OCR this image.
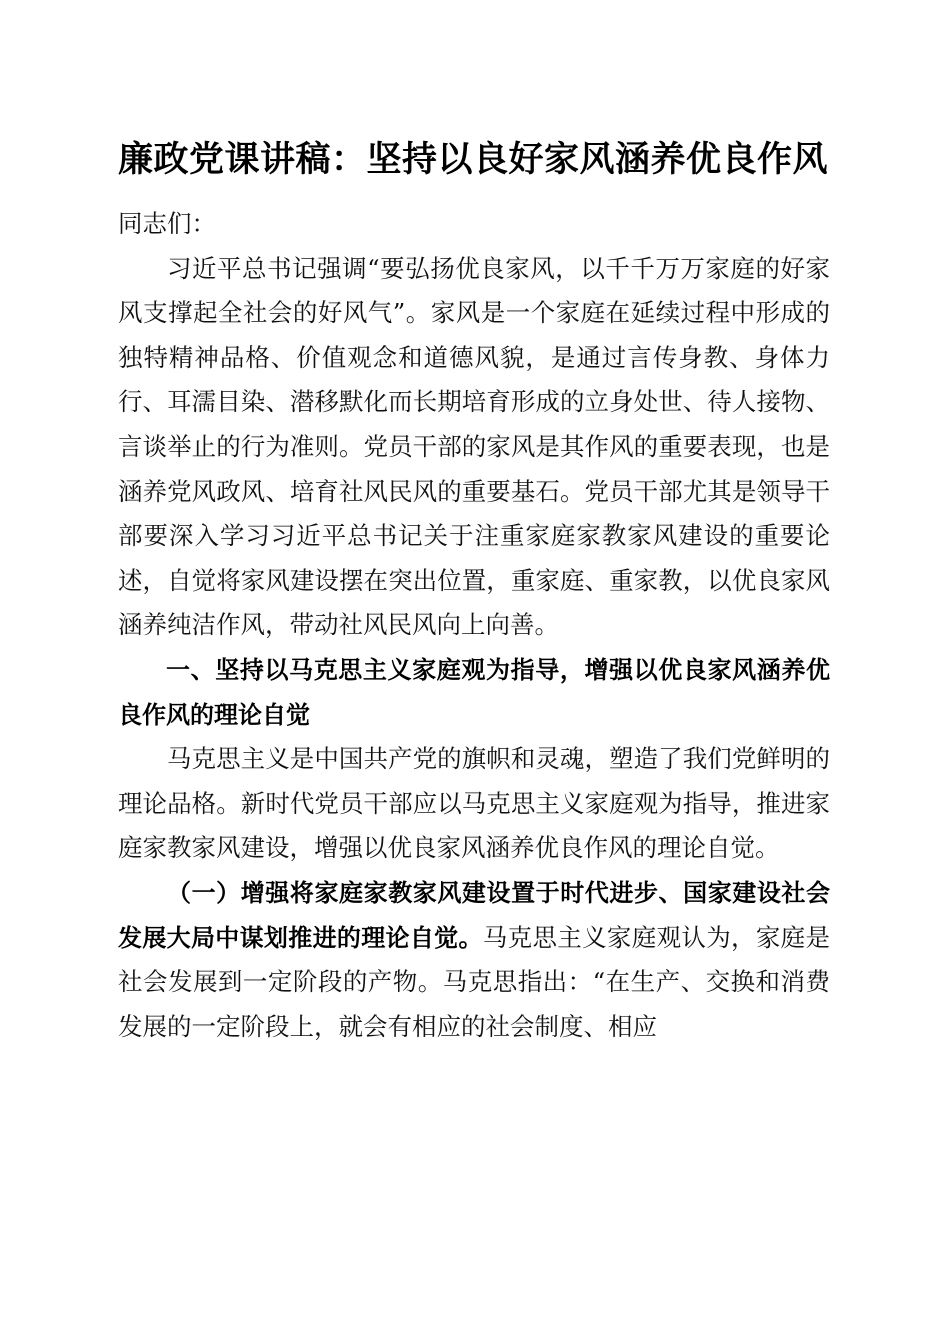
廉政党课讲稿：坚持以良好家风涵养优良作风

同志们：

习近平总书记强调“要弘扬优良家风，以千千万万家庭的好家风支撑起全社会的好风气”。家风是一个家庭在延续过程中形成的独特精神品格、价值观念和道德风貌，是通过言传身教、身体力行、耳濡目染、潜移默化而长期培育形成的立身处世、待人接物、言谈举止的行为准则。党员干部的家风是其作风的重要表现，也是涵养党风政风、培育社风民风的重要基石。党员干部尤其是领导干部要深入学习习近平总书记关于注重家庭家教家风建设的重要论述，自觉将家风建设摆在突出位置，重家庭、重家教，以优良家风涵养纯洁作风，带动社风民风向上向善。

一、坚持以马克思主义家庭观为指导，增强以优良家风涵养优良作风的理论自觉

马克思主义是中国共产党的旗帜和灵魂，塑造了我们党鲜明的理论品格。新时代党员干部应以马克思主义家庭观为指导，推进家庭家教家风建设，增强以优良家风涵养优良作风的理论自觉。

（一）增强将家庭家教家风建设置于时代进步、国家建设社会发展大局中谋划推进的理论自觉。马克思主义家庭观认为，家庭是社会发展到一定阶段的产物。马克思指出：“在生产、交换和消费发展的一定阶段上，就会有相应的社会制度、相应
